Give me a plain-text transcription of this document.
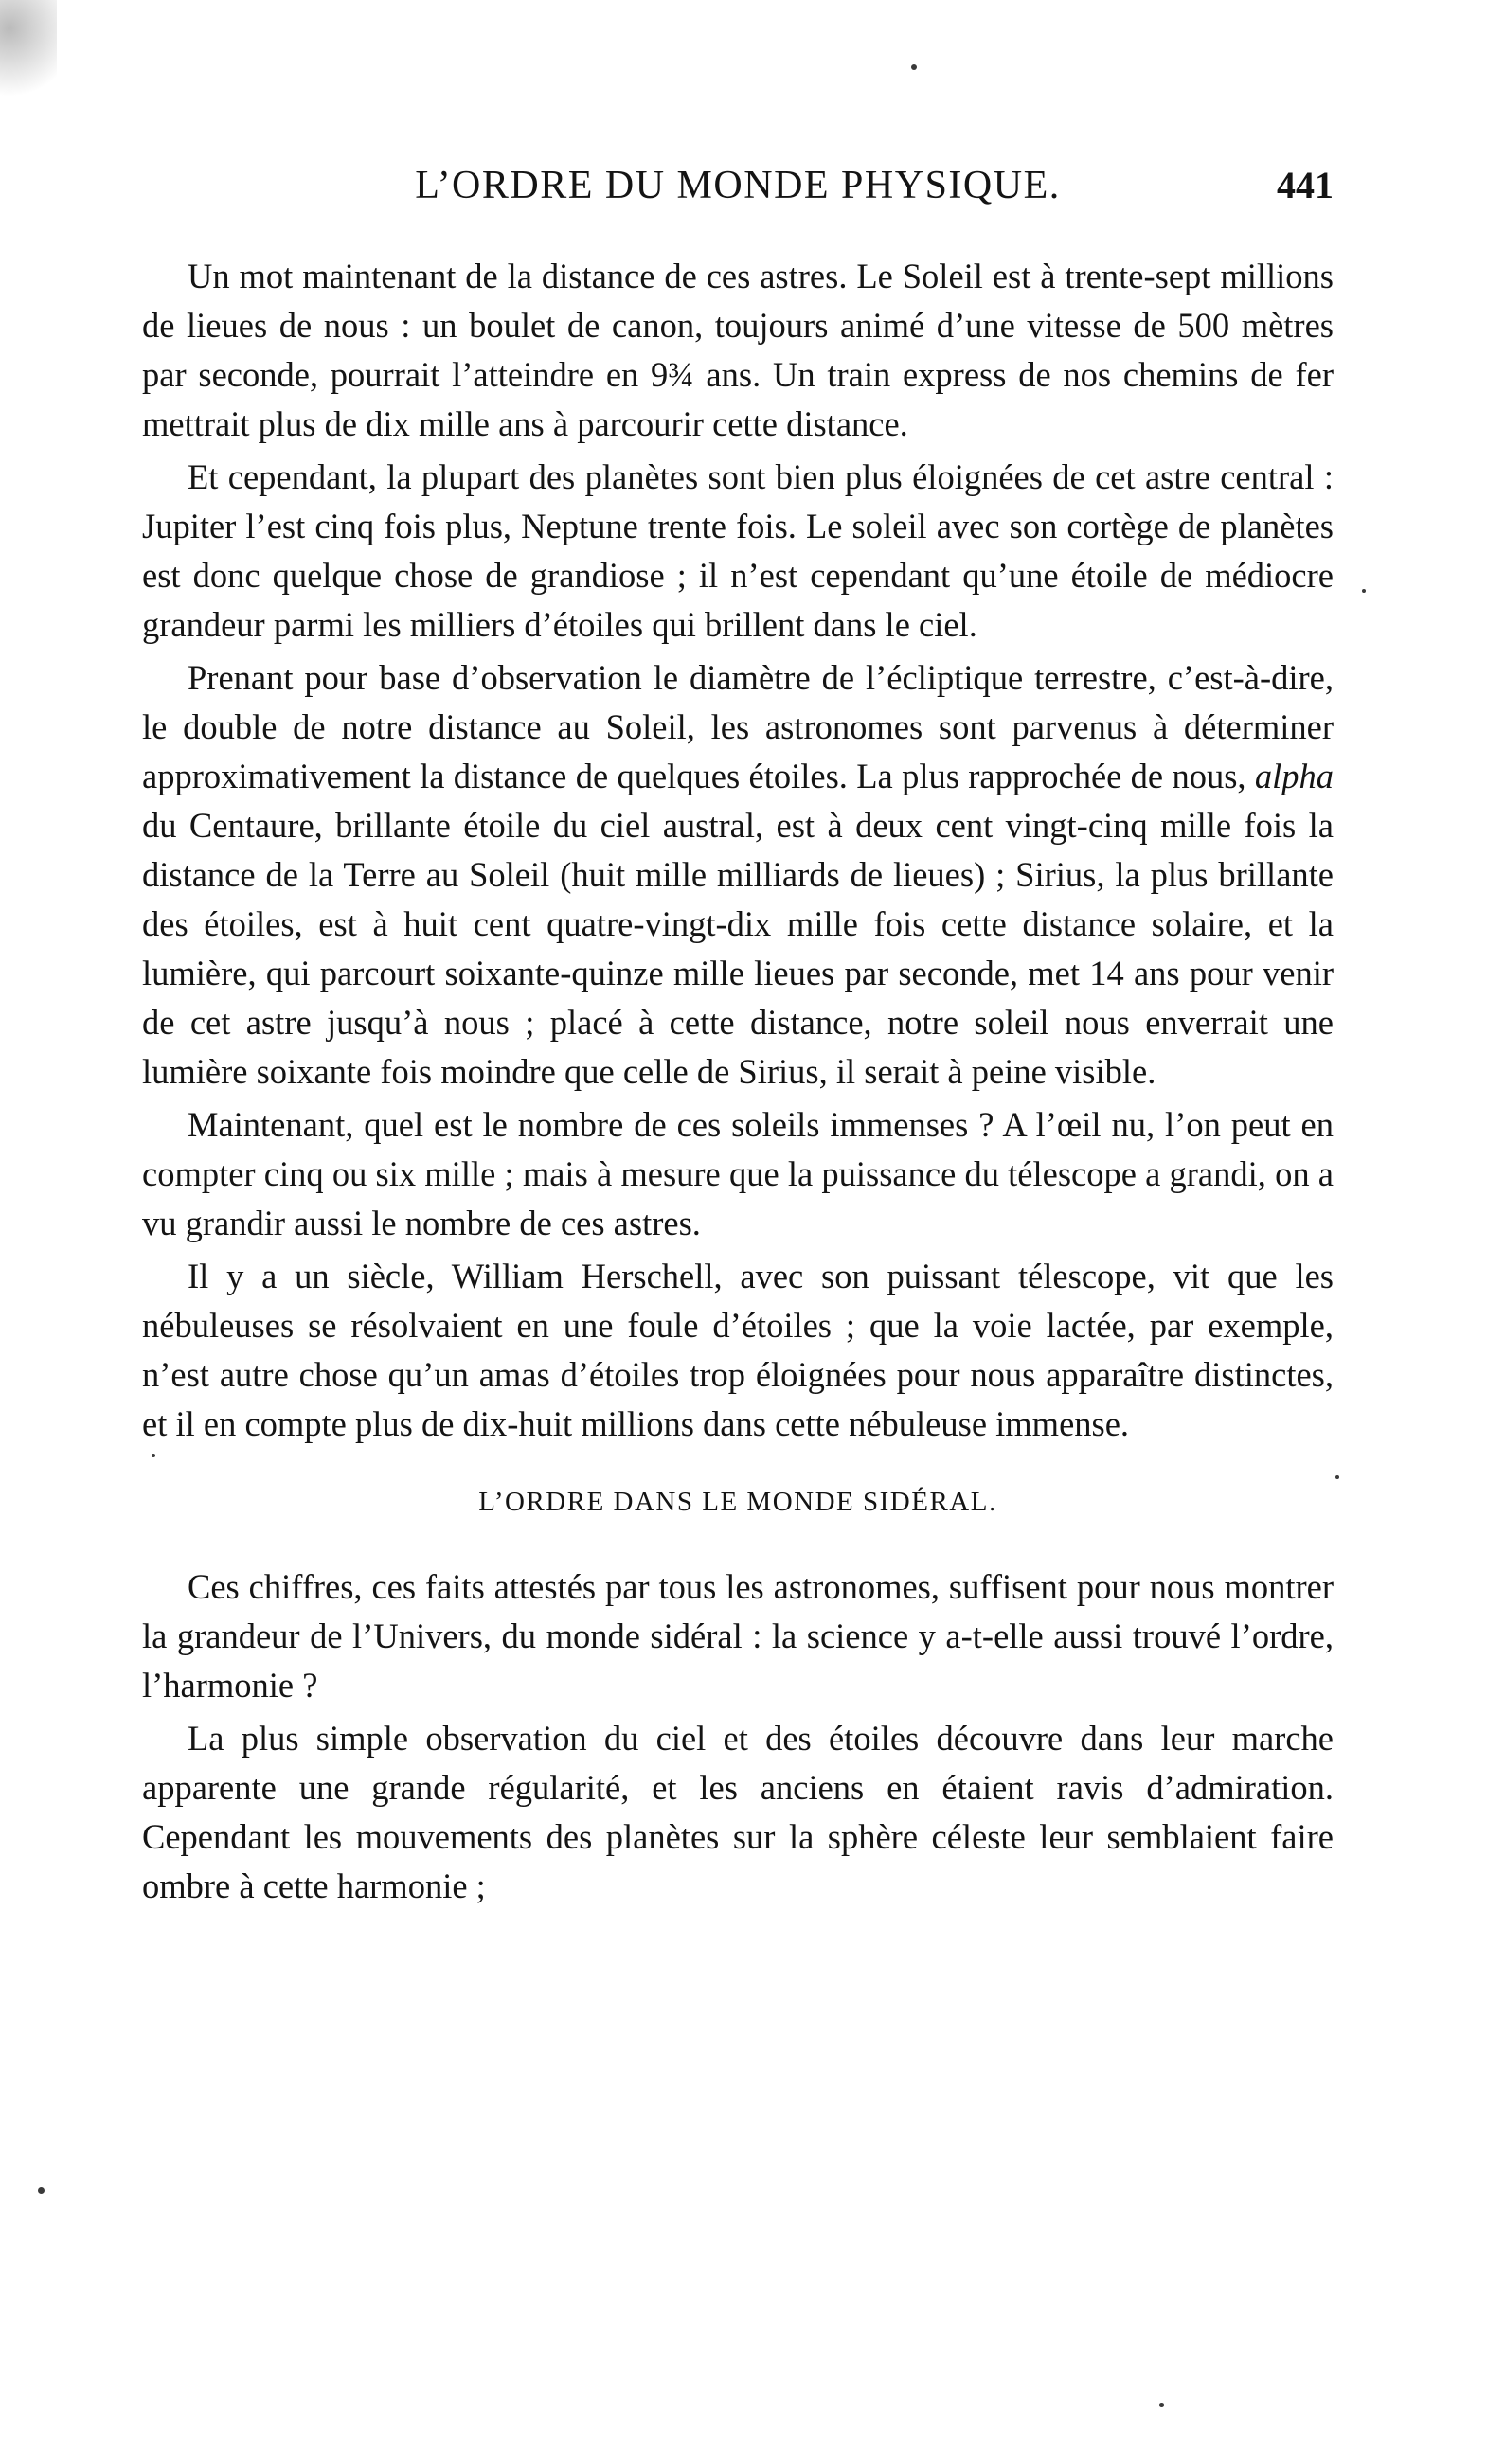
L’ORDRE DU MONDE PHYSIQUE.	441

Un mot maintenant de la distance de ces astres. Le Soleil est à trente-sept millions de lieues de nous : un boulet de canon, toujours animé d’une vitesse de 500 mètres par seconde, pourrait l’atteindre en 9¾ ans. Un train express de nos chemins de fer mettrait plus de dix mille ans à parcourir cette distance.

Et cependant, la plupart des planètes sont bien plus éloignées de cet astre central : Jupiter l’est cinq fois plus, Neptune trente fois. Le soleil avec son cortège de planètes est donc quelque chose de grandiose ; il n’est cependant qu’une étoile de médiocre grandeur parmi les milliers d’étoiles qui brillent dans le ciel.

Prenant pour base d’observation le diamètre de l’écliptique terrestre, c’est-à-dire, le double de notre distance au Soleil, les astronomes sont parvenus à déterminer approximativement la distance de quelques étoiles. La plus rapprochée de nous, alpha du Centaure, brillante étoile du ciel austral, est à deux cent vingt-cinq mille fois la distance de la Terre au Soleil (huit mille milliards de lieues) ; Sirius, la plus brillante des étoiles, est à huit cent quatre-vingt-dix mille fois cette distance solaire, et la lumière, qui parcourt soixante-quinze mille lieues par seconde, met 14 ans pour venir de cet astre jusqu’à nous ; placé à cette distance, notre soleil nous enverrait une lumière soixante fois moindre que celle de Sirius, il serait à peine visible.

Maintenant, quel est le nombre de ces soleils immenses ? A l’œil nu, l’on peut en compter cinq ou six mille ; mais à mesure que la puissance du télescope a grandi, on a vu grandir aussi le nombre de ces astres.

Il y a un siècle, William Herschell, avec son puissant télescope, vit que les nébuleuses se résolvaient en une foule d’étoiles ; que la voie lactée, par exemple, n’est autre chose qu’un amas d’étoiles trop éloignées pour nous apparaître distinctes, et il en compte plus de dix-huit millions dans cette nébuleuse immense.

L’ORDRE DANS LE MONDE SIDÉRAL.

Ces chiffres, ces faits attestés par tous les astronomes, suffisent pour nous montrer la grandeur de l’Univers, du monde sidéral : la science y a-t-elle aussi trouvé l’ordre, l’harmonie ?

La plus simple observation du ciel et des étoiles découvre dans leur marche apparente une grande régularité, et les anciens en étaient ravis d’admiration. Cependant les mouvements des planètes sur la sphère céleste leur semblaient faire ombre à cette harmonie ;
